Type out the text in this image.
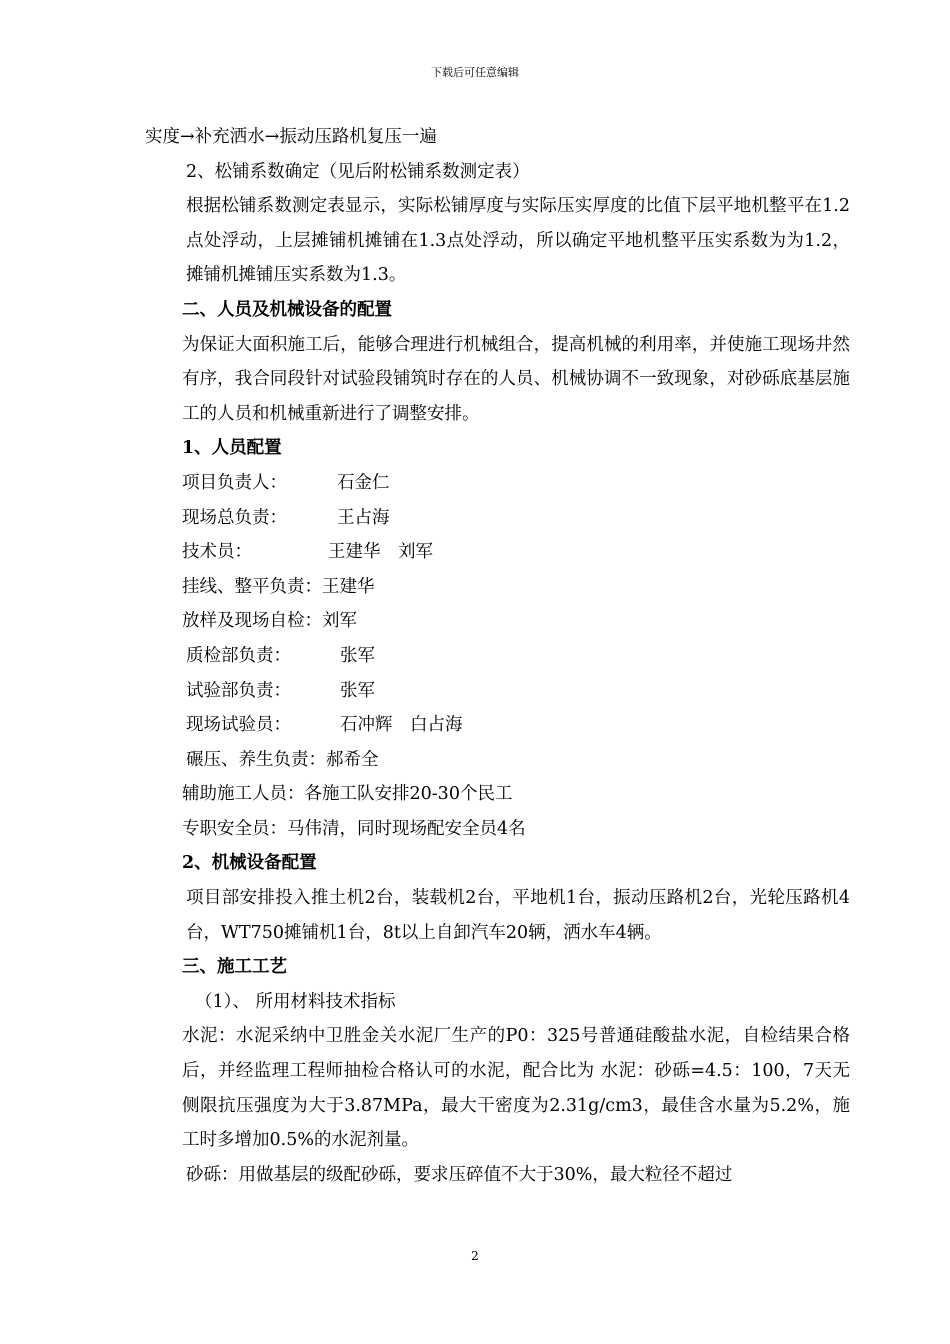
下载后可任意编辑

实度→补充洒水→振动压路机复压一遍

2、松铺系数确定（见后附松铺系数测定表）

根据松铺系数测定表显示，实际松铺厚度与实际压实厚度的比值下层平地机整平在1.2点处浮动，上层摊铺机摊铺在1.3点处浮动，所以确定平地机整平压实系数为为1.2，摊铺机摊铺压实系数为1.3。

二、人员及机械设备的配置

为保证大面积施工后，能够合理进行机械组合，提高机械的利用率，并使施工现场井然有序，我合同段针对试验段铺筑时存在的人员、机械协调不一致现象，对砂砾底基层施工的人员和机械重新进行了调整安排。

1、人员配置

项目负责人：	石金仁
现场总负责：	王占海
技术员：	王建华　刘军
挂线、整平负责： 王建华
放样及现场自检： 刘军
质检部负责：	张军
试验部负责：	张军
现场试验员：	石冲辉　白占海
碾压、养生负责： 郝希全
辅助施工人员： 各施工队安排20-30个民工
专职安全员： 马伟清，同时现场配安全员4名

2、机械设备配置

项目部安排投入推土机2台，装载机2台，平地机1台，振动压路机2台，光轮压路机4台，WT750摊铺机1台，8t以上自卸汽车20辆，洒水车4辆。

三、施工工艺

（1）、 所用材料技术指标

水泥：水泥采纳中卫胜金关水泥厂生产的P0：325号普通硅酸盐水泥，自检结果合格后，并经监理工程师抽检合格认可的水泥，配合比为 水泥：砂砾=4.5：100，7天无侧限抗压强度为大于3.87MPa，最大干密度为2.31g/cm3，最佳含水量为5.2%，施工时多增加0.5%的水泥剂量。

砂砾：用做基层的级配砂砾，要求压碎值不大于30%，最大粒径不超过

2
